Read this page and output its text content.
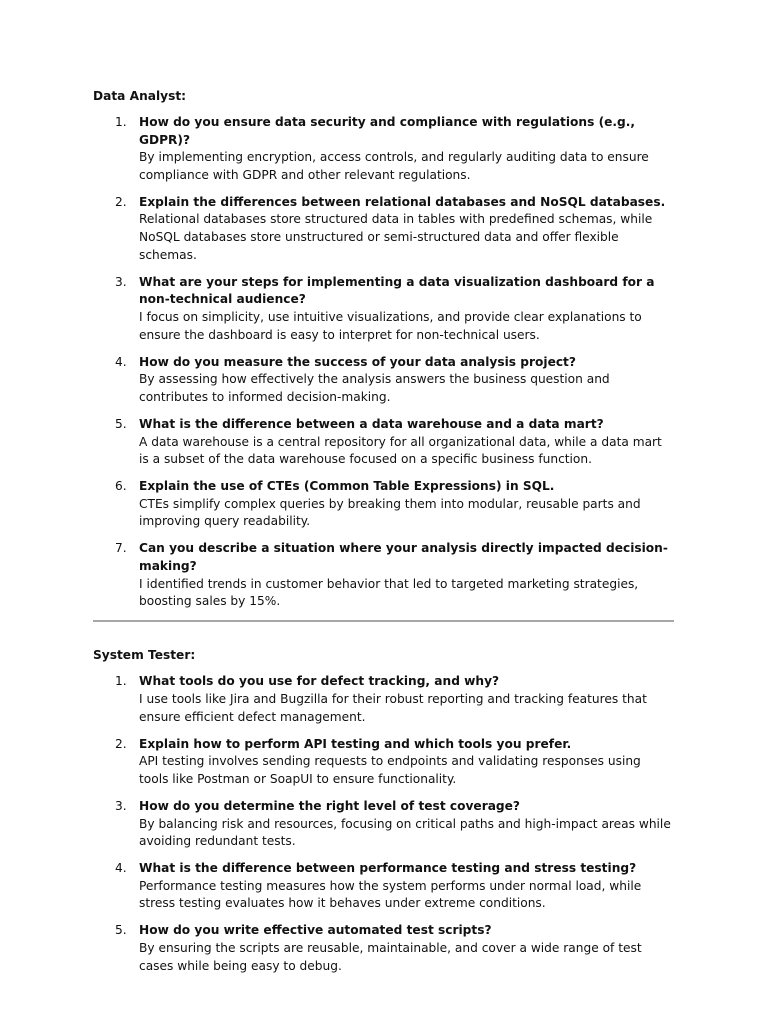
Data Analyst:
1. How do you ensure data security and compliance with regulations (e.g., GDPR)?
By implementing encryption, access controls, and regularly auditing data to ensure compliance with GDPR and other relevant regulations.
2. Explain the differences between relational databases and NoSQL databases.
Relational databases store structured data in tables with predefined schemas, while NoSQL databases store unstructured or semi-structured data and offer flexible schemas.
3. What are your steps for implementing a data visualization dashboard for a non-technical audience?
I focus on simplicity, use intuitive visualizations, and provide clear explanations to ensure the dashboard is easy to interpret for non-technical users.
4. How do you measure the success of your data analysis project?
By assessing how effectively the analysis answers the business question and contributes to informed decision-making.
5. What is the difference between a data warehouse and a data mart?
A data warehouse is a central repository for all organizational data, while a data mart is a subset of the data warehouse focused on a specific business function.
6. Explain the use of CTEs (Common Table Expressions) in SQL.
CTEs simplify complex queries by breaking them into modular, reusable parts and improving query readability.
7. Can you describe a situation where your analysis directly impacted decision-making?
I identified trends in customer behavior that led to targeted marketing strategies, boosting sales by 15%.
System Tester:
1. What tools do you use for defect tracking, and why?
I use tools like Jira and Bugzilla for their robust reporting and tracking features that ensure efficient defect management.
2. Explain how to perform API testing and which tools you prefer.
API testing involves sending requests to endpoints and validating responses using tools like Postman or SoapUI to ensure functionality.
3. How do you determine the right level of test coverage?
By balancing risk and resources, focusing on critical paths and high-impact areas while avoiding redundant tests.
4. What is the difference between performance testing and stress testing?
Performance testing measures how the system performs under normal load, while stress testing evaluates how it behaves under extreme conditions.
5. How do you write effective automated test scripts?
By ensuring the scripts are reusable, maintainable, and cover a wide range of test cases while being easy to debug.
